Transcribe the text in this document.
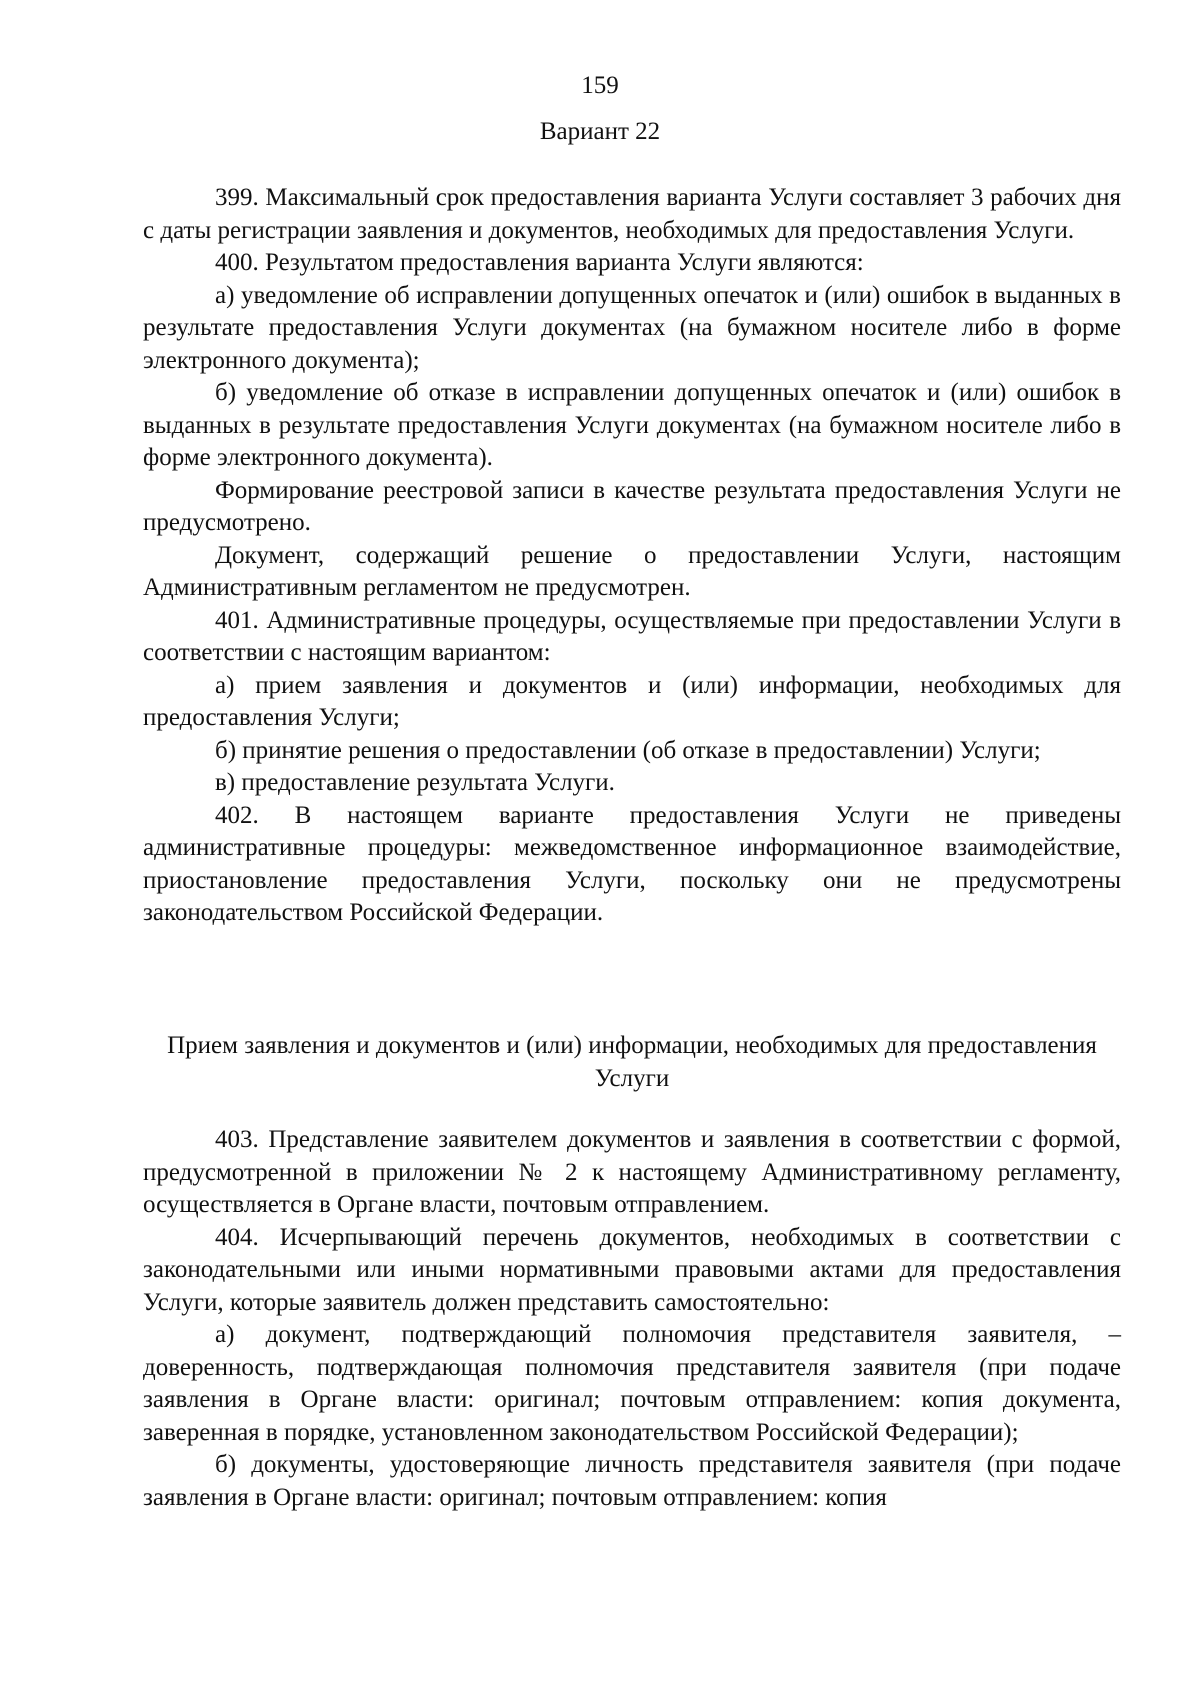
159
Вариант 22

399. Максимальный срок предоставления варианта Услуги составляет 3 рабочих дня с даты регистрации заявления и документов, необходимых для предоставления Услуги.

400. Результатом предоставления варианта Услуги являются:

а) уведомление об исправлении допущенных опечаток и (или) ошибок в выданных в результате предоставления Услуги документах (на бумажном носителе либо в форме электронного документа);

б) уведомление об отказе в исправлении допущенных опечаток и (или) ошибок в выданных в результате предоставления Услуги документах (на бумажном носителе либо в форме электронного документа).

Формирование реестровой записи в качестве результата предоставления Услуги не предусмотрено.

Документ, содержащий решение о предоставлении Услуги, настоящим Административным регламентом не предусмотрен.

401. Административные процедуры, осуществляемые при предоставлении Услуги в соответствии с настоящим вариантом:

а) прием заявления и документов и (или) информации, необходимых для предоставления Услуги;

б) принятие решения о предоставлении (об отказе в предоставлении) Услуги;

в) предоставление результата Услуги.

402. В настоящем варианте предоставления Услуги не приведены административные процедуры: межведомственное информационное взаимодействие, приостановление предоставления Услуги, поскольку они не предусмотрены законодательством Российской Федерации.

Прием заявления и документов и (или) информации, необходимых для предоставления Услуги

403. Представление заявителем документов и заявления в соответствии с формой, предусмотренной в приложении № 2 к настоящему Административному регламенту, осуществляется в Органе власти, почтовым отправлением.

404. Исчерпывающий перечень документов, необходимых в соответствии с законодательными или иными нормативными правовыми актами для предоставления Услуги, которые заявитель должен представить самостоятельно:

а) документ, подтверждающий полномочия представителя заявителя, – доверенность, подтверждающая полномочия представителя заявителя (при подаче заявления в Органе власти: оригинал; почтовым отправлением: копия документа, заверенная в порядке, установленном законодательством Российской Федерации);

б) документы, удостоверяющие личность представителя заявителя (при подаче заявления в Органе власти: оригинал; почтовым отправлением: копия
